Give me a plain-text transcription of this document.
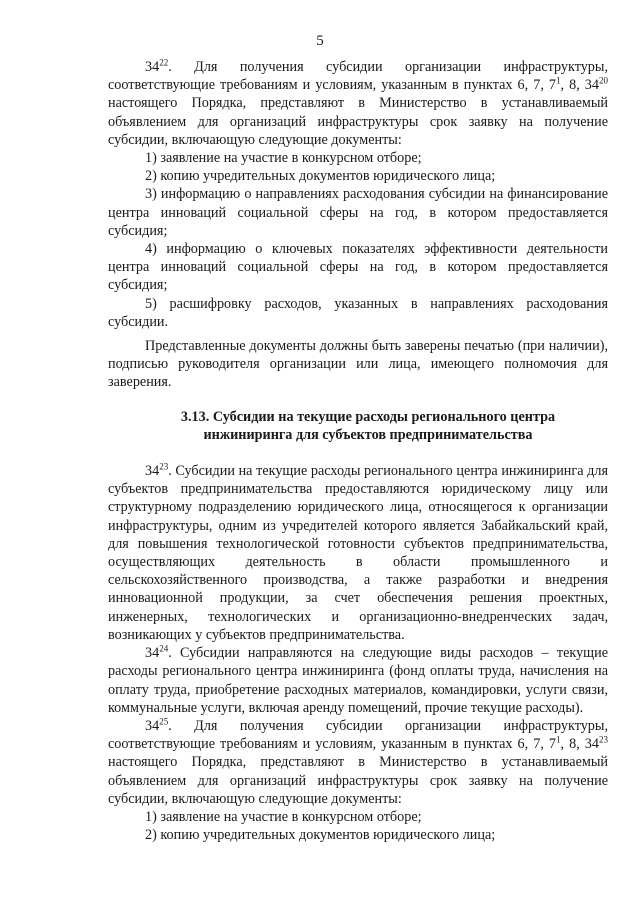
5

$34^{22}$. Для получения субсидии организации инфраструктуры, соответствующие требованиям и условиям, указанным в пунктах 6, 7, $7^1$, 8, $34^{20}$ настоящего Порядка, представляют в Министерство в устанавливаемый объявлением для организаций инфраструктуры срок заявку на получение субсидии, включающую следующие документы:

1) заявление на участие в конкурсном отборе;

2) копию учредительных документов юридического лица;

3) информацию о направлениях расходования субсидии на финансирование центра инноваций социальной сферы на год, в котором предоставляется субсидия;

4) информацию о ключевых показателях эффективности деятельности центра инноваций социальной сферы на год, в котором предоставляется субсидия;

5) расшифровку расходов, указанных в направлениях расходования субсидии.

Представленные документы должны быть заверены печатью (при наличии), подписью руководителя организации или лица, имеющего полномочия для заверения.

3.13. Субсидии на текущие расходы регионального центра инжиниринга для субъектов предпринимательства

$34^{23}$. Субсидии на текущие расходы регионального центра инжиниринга для субъектов предпринимательства предоставляются юридическому лицу или структурному подразделению юридического лица, относящегося к организации инфраструктуры, одним из учредителей которого является Забайкальский край, для повышения технологической готовности субъектов предпринимательства, осуществляющих деятельность в области промышленного и сельскохозяйственного производства, а также разработки и внедрения инновационной продукции, за счет обеспечения решения проектных, инженерных, технологических и организационно-внедренческих задач, возникающих у субъектов предпринимательства.

$34^{24}$. Субсидии направляются на следующие виды расходов – текущие расходы регионального центра инжиниринга (фонд оплаты труда, начисления на оплату труда, приобретение расходных материалов, командировки, услуги связи, коммунальные услуги, включая аренду помещений, прочие текущие расходы).

$34^{25}$. Для получения субсидии организации инфраструктуры, соответствующие требованиям и условиям, указанным в пунктах 6, 7, $7^1$, 8, $34^{23}$ настоящего Порядка, представляют в Министерство в устанавливаемый объявлением для организаций инфраструктуры срок заявку на получение субсидии, включающую следующие документы:

1) заявление на участие в конкурсном отборе;

2) копию учредительных документов юридического лица;
